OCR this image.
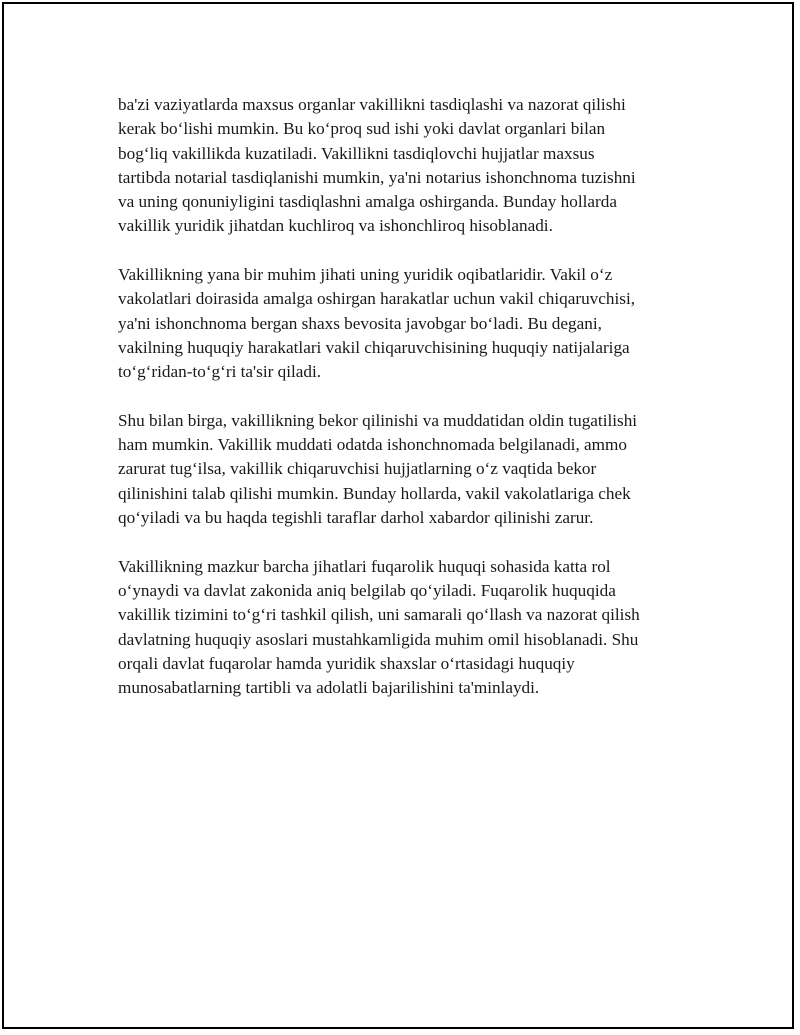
ba'zi vaziyatlarda maxsus organlar vakillikni tasdiqlashi va nazorat qilishi
kerak bo‘lishi mumkin. Bu ko‘proq sud ishi yoki davlat organlari bilan
bog‘liq vakillikda kuzatiladi. Vakillikni tasdiqlovchi hujjatlar maxsus
tartibda notarial tasdiqlanishi mumkin, ya'ni notarius ishonchnoma tuzishni
va uning qonuniyligini tasdiqlashni amalga oshirganda. Bunday hollarda
vakillik yuridik jihatdan kuchliroq va ishonchliroq hisoblanadi.

Vakillikning yana bir muhim jihati uning yuridik oqibatlaridir. Vakil o‘z
vakolatlari doirasida amalga oshirgan harakatlar uchun vakil chiqaruvchisi,
ya'ni ishonchnoma bergan shaxs bevosita javobgar bo‘ladi. Bu degani,
vakilning huquqiy harakatlari vakil chiqaruvchisining huquqiy natijalariga
to‘g‘ridan-to‘g‘ri ta'sir qiladi.

Shu bilan birga, vakillikning bekor qilinishi va muddatidan oldin tugatilishi
ham mumkin. Vakillik muddati odatda ishonchnomada belgilanadi, ammo
zarurat tug‘ilsa, vakillik chiqaruvchisi hujjatlarning o‘z vaqtida bekor
qilinishini talab qilishi mumkin. Bunday hollarda, vakil vakolatlariga chek
qo‘yiladi va bu haqda tegishli taraflar darhol xabardor qilinishi zarur.

Vakillikning mazkur barcha jihatlari fuqarolik huquqi sohasida katta rol
o‘ynaydi va davlat zakonida aniq belgilab qo‘yiladi. Fuqarolik huquqida
vakillik tizimini to‘g‘ri tashkil qilish, uni samarali qo‘llash va nazorat qilish
davlatning huquqiy asoslari mustahkamligida muhim omil hisoblanadi. Shu
orqali davlat fuqarolar hamda yuridik shaxslar o‘rtasidagi huquqiy
munosabatlarning tartibli va adolatli bajarilishini ta'minlaydi.
